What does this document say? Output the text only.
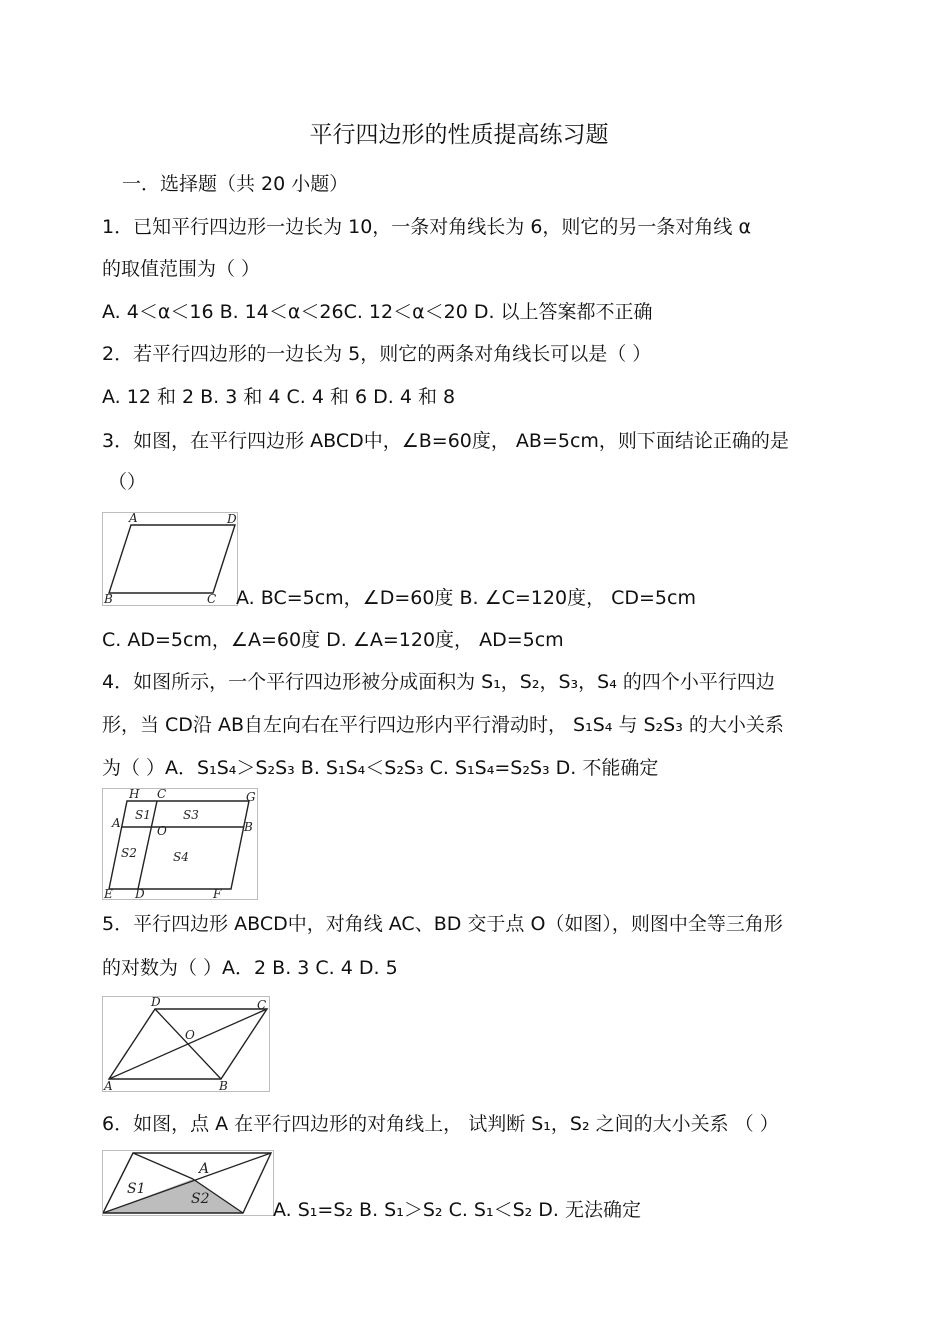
平行四边形的性质提高练习题
一．选择题（共 20 小题）
1．已知平行四边形一边长为 10，一条对角线长为 6，则它的另一条对角线 α
的取值范围为（ ）
A. 4＜α＜16 B. 14＜α＜26C. 12＜α＜20 D. 以上答案都不正确
2．若平行四边形的一边长为 5，则它的两条对角线长可以是（ ）
A. 12 和 2 B. 3 和 4 C. 4 和 6 D. 4 和 8
3．如图，在平行四边形 ABCD中，∠B=60度， AB=5cm，则下面结论正确的是
（）
A	D
B	C A. BC=5cm，∠D=60度 B. ∠C=120度， CD=5cm
C. AD=5cm，∠A=60度 D. ∠A=120度， AD=5cm
4．如图所示，一个平行四边形被分成面积为 S₁，S₂，S₃，S₄ 的四个小平行四边
形，当 CD沿 AB自左向右在平行四边形内平行滑动时， S₁S₄ 与 S₂S₃ 的大小关系
为（ ）A．S₁S₄＞S₂S₃ B. S₁S₄＜S₂S₃ C. S₁S₄=S₂S₃ D. 不能确定
H C	G
A
O	B
E D	F
S1	S3
S2	S4
5．平行四边形 ABCD中，对角线 AC、BD 交于点 O（如图），则图中全等三角形
的对数为（ ）A．2 B. 3 C. 4 D. 5
D	C
A	B
O
6．如图，点 A 在平行四边形的对角线上， 试判断 S₁，S₂ 之间的大小关系 （ ）
A
S1
S2	A. S₁=S₂ B. S₁＞S₂ C. S₁＜S₂ D. 无法确定
